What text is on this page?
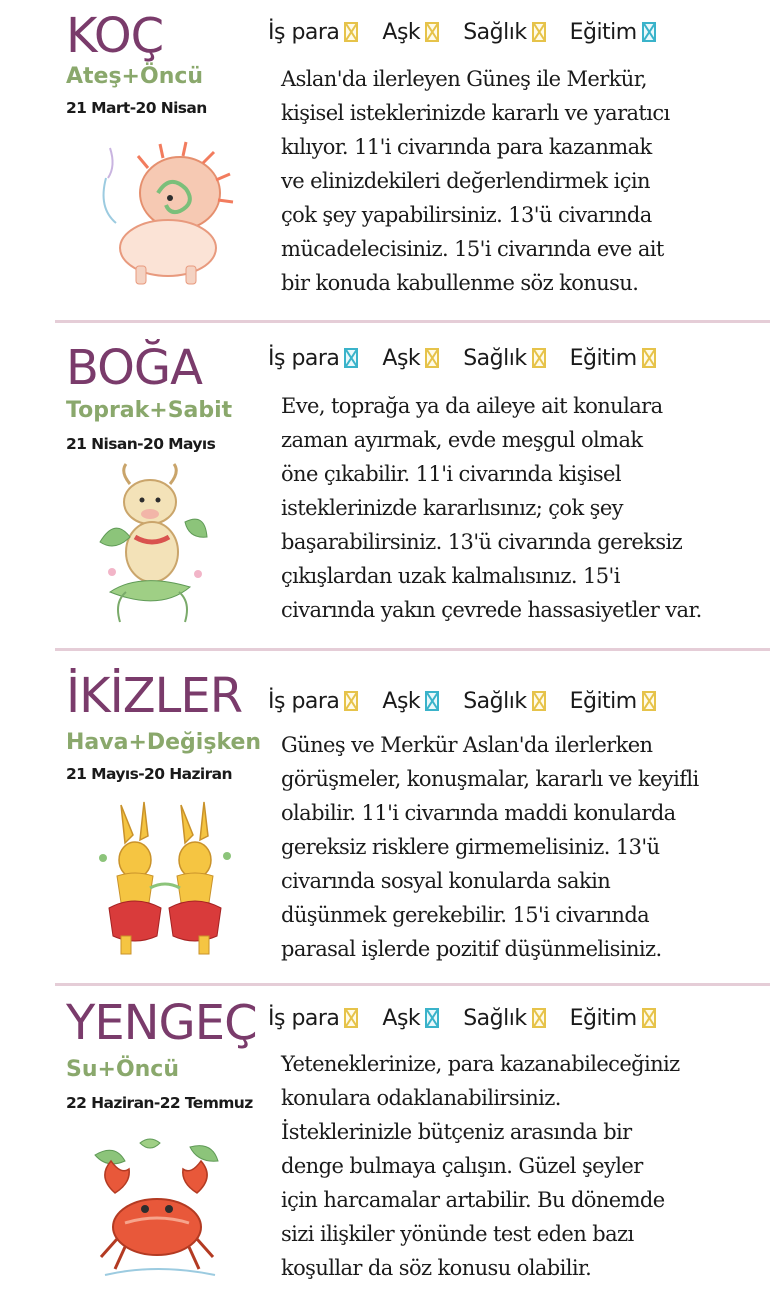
KOÇ
Ateş+Öncü
21 Mart-20 Nisan
İş para Aşk Sağlık Eğitim

Aslan'da ilerleyen Güneş ile Merkür,
kişisel isteklerinizde kararlı ve yaratıcı
kılıyor. 11'i civarında para kazanmak
ve elinizdekileri değerlendirmek için
çok şey yapabilirsiniz. 13'ü civarında
mücadelecisiniz. 15'i civarında eve ait
bir konuda kabullenme söz konusu.

BOĞA
Toprak+Sabit
21 Nisan-20 Mayıs
İş para Aşk Sağlık Eğitim

Eve, toprağa ya da aileye ait konulara
zaman ayırmak, evde meşgul olmak
öne çıkabilir. 11'i civarında kişisel
isteklerinizde kararlısınız; çok şey
başarabilirsiniz. 13'ü civarında gereksiz
çıkışlardan uzak kalmalısınız. 15'i
civarında yakın çevrede hassasiyetler var.

İKİZLER
Hava+Değişken
21 Mayıs-20 Haziran
İş para Aşk Sağlık Eğitim

Güneş ve Merkür Aslan'da ilerlerken
görüşmeler, konuşmalar, kararlı ve keyifli
olabilir. 11'i civarında maddi konularda
gereksiz risklere girmemelisiniz. 13'ü
civarında sosyal konularda sakin
düşünmek gerekebilir. 15'i civarında
parasal işlerde pozitif düşünmelisiniz.

YENGEÇ
Su+Öncü
22 Haziran-22 Temmuz
İş para Aşk Sağlık Eğitim

Yeteneklerinize, para kazanabileceğiniz
konulara odaklanabilirsiniz.
İsteklerinizle bütçeniz arasında bir
denge bulmaya çalışın. Güzel şeyler
için harcamalar artabilir. Bu dönemde
sizi ilişkiler yönünde test eden bazı
koşullar da söz konusu olabilir.
